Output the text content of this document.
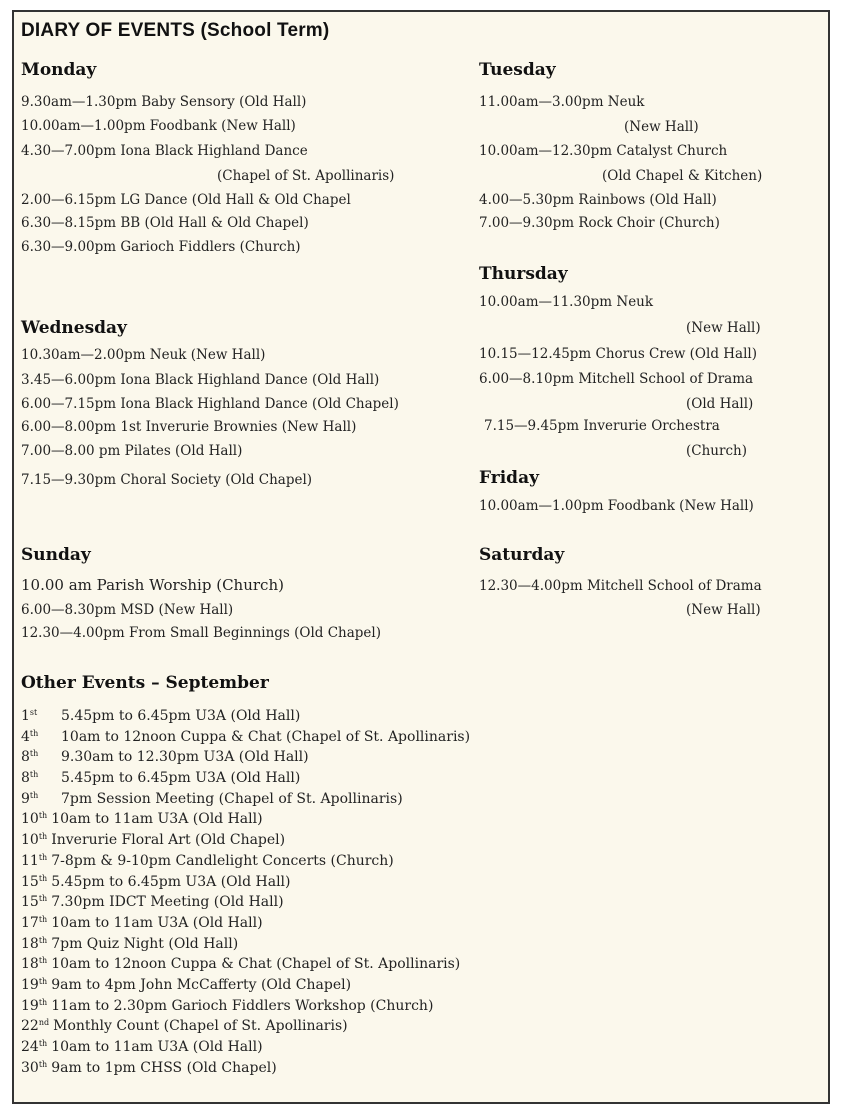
DIARY OF EVENTS (School Term)
Monday
9.30am—1.30pm Baby Sensory (Old Hall)
10.00am—1.00pm Foodbank (New Hall)
4.30—7.00pm Iona Black Highland Dance
(Chapel of St. Apollinaris)
2.00—6.15pm LG Dance (Old Hall & Old Chapel
6.30—8.15pm BB (Old Hall & Old Chapel)
6.30—9.00pm Garioch Fiddlers (Church)
Tuesday
11.00am—3.00pm Neuk
(New Hall)
10.00am—12.30pm Catalyst Church
(Old Chapel & Kitchen)
4.00—5.30pm Rainbows (Old Hall)
7.00—9.30pm Rock Choir (Church)
Thursday
10.00am—11.30pm Neuk
(New Hall)
10.15—12.45pm Chorus Crew (Old Hall)
6.00—8.10pm Mitchell School of Drama
(Old Hall)
7.15—9.45pm Inverurie Orchestra
(Church)
Wednesday
10.30am—2.00pm Neuk (New Hall)
3.45—6.00pm Iona Black Highland Dance (Old Hall)
6.00—7.15pm Iona Black Highland Dance (Old Chapel)
6.00—8.00pm 1st Inverurie Brownies (New Hall)
7.00—8.00 pm Pilates (Old Hall)
7.15—9.30pm Choral Society (Old Chapel)	Friday
10.00am—1.00pm Foodbank (New Hall)
Sunday
10.00 am Parish Worship (Church)
6.00—8.30pm MSD (New Hall)
12.30—4.00pm From Small Beginnings (Old Chapel)
Saturday
12.30—4.00pm Mitchell School of Drama
(New Hall)
Other Events – September
1st	5.45pm to 6.45pm U3A (Old Hall)
4th	10am to 12noon Cuppa & Chat (Chapel of St. Apollinaris)
8th	9.30am to 12.30pm U3A (Old Hall)
8th	5.45pm to 6.45pm U3A (Old Hall)
9th	7pm Session Meeting (Chapel of St. Apollinaris)
10th 10am to 11am U3A (Old Hall)
10th Inverurie Floral Art (Old Chapel)
11th 7-8pm & 9-10pm Candlelight Concerts (Church)
15th 5.45pm to 6.45pm U3A (Old Hall)
15th 7.30pm IDCT Meeting (Old Hall)
17th 10am to 11am U3A (Old Hall)
18th 7pm Quiz Night (Old Hall)
18th 10am to 12noon Cuppa & Chat (Chapel of St. Apollinaris)
19th 9am to 4pm John McCafferty (Old Chapel)
19th 11am to 2.30pm Garioch Fiddlers Workshop (Church)
22nd Monthly Count (Chapel of St. Apollinaris)
24th 10am to 11am U3A (Old Hall)
30th 9am to 1pm CHSS (Old Chapel)
